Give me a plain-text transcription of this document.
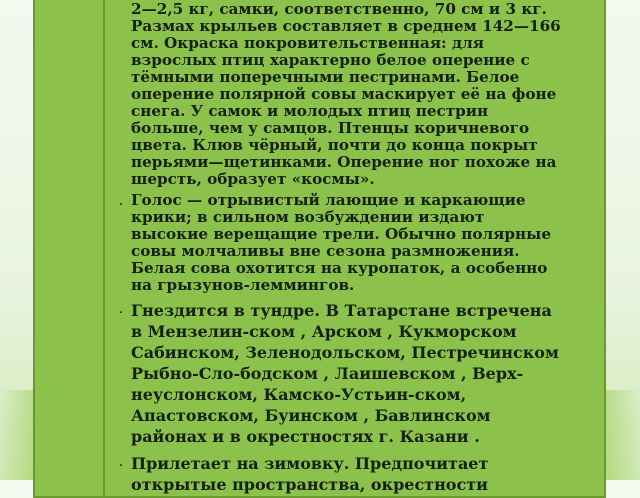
2—2,5 кг, самки, соответственно, 70 см и 3 кг. Размах крыльев составляет в среднем 142—166 см. Окраска покровительственная: для взрослых птиц характерно белое оперение с тёмными поперечными пестринами. Белое оперение полярной совы маскирует её на фоне снега. У самок и молодых птиц пестрин больше, чем у самцов. Птенцы коричневого цвета. Клюв чёрный, почти до конца покрыт перьями—щетинками. Оперение ног похоже на шерсть, образует «космы».

· Голос — отрывистый лающие и каркающие крики; в сильном возбуждении издают высокие верещащие трели. Обычно полярные совы молчаливы вне сезона размножения. Белая сова охотится на куропаток, а особенно на грызунов-леммингов.

· Гнездится в тундре. В Татарстане встречена в Мензелин-ском , Арском , Кукморском Сабинском, Зеленодольском, Пестречинском Рыбно-Сло-бодском , Лаишевском , Верх-неуслонском, Камско-Устьин-ском, Апастовском, Буинском , Бавлинском районах и в окрестностях г. Казани .

· Прилетает на зимовку. Предпочитает открытые пространства, окрестности
